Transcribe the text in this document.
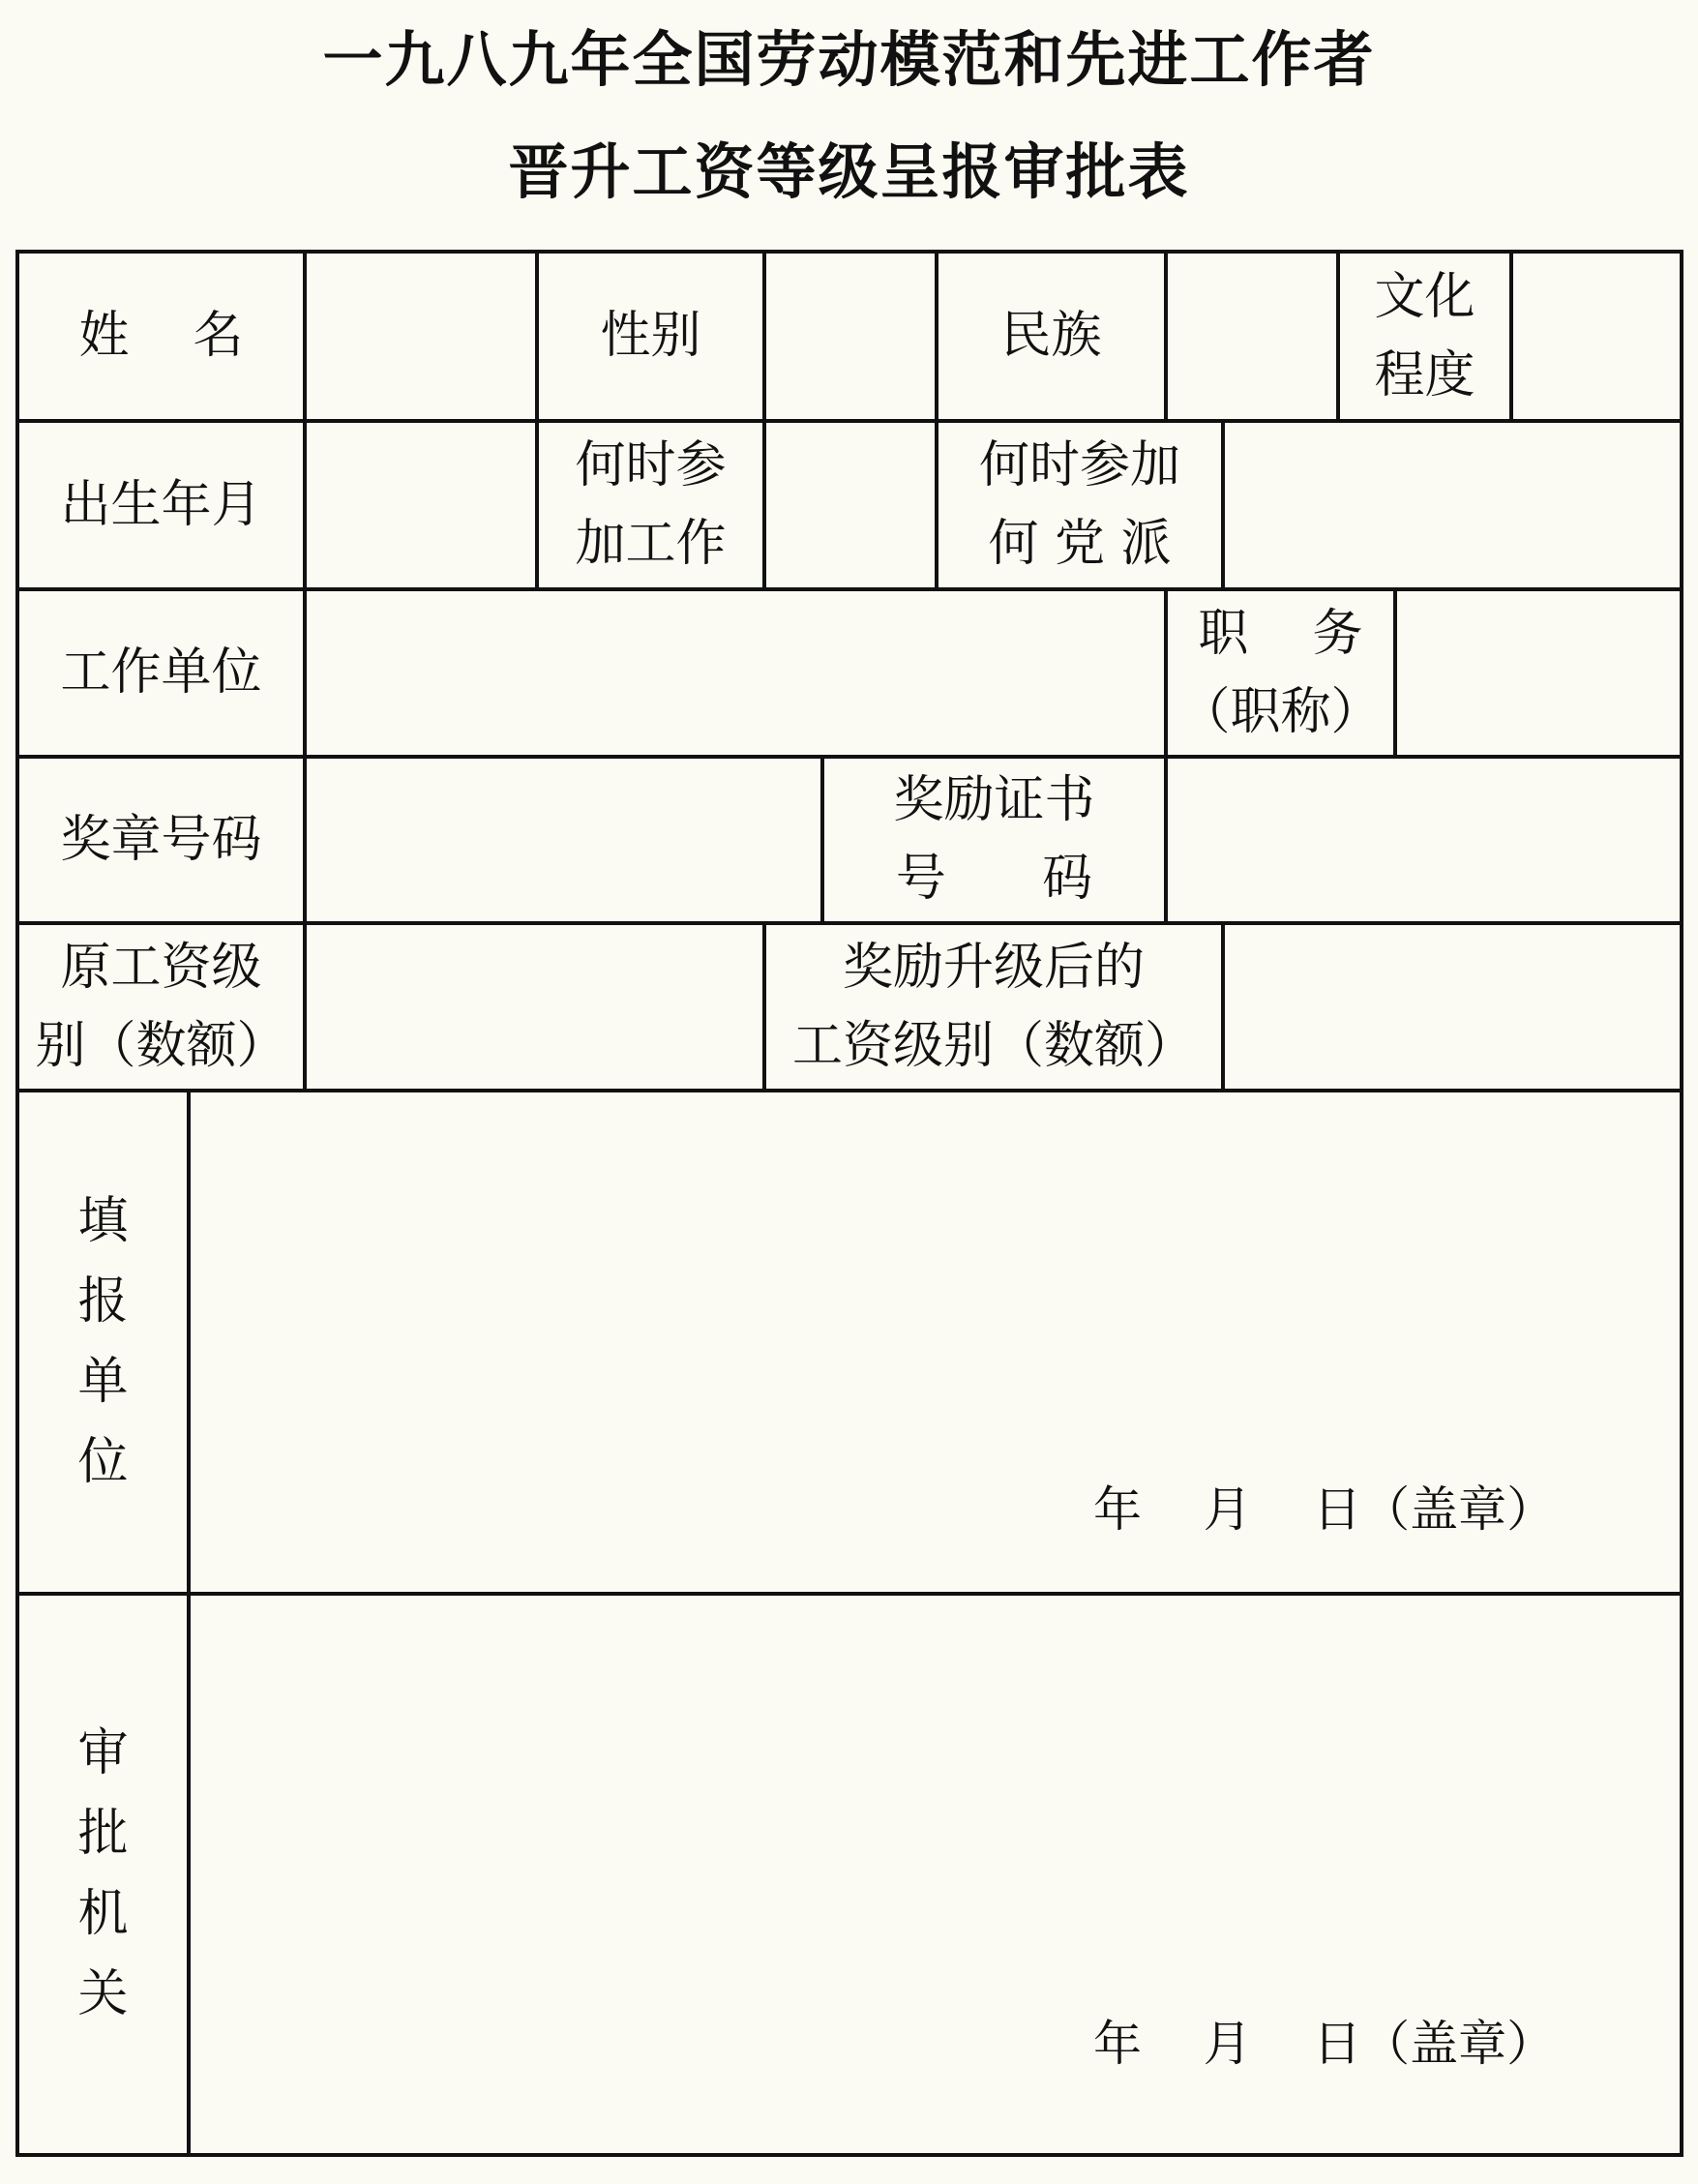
一九八九年全国劳动模范和先进工作者
晋升工资等级呈报审批表
姓    名	性别	民族
文化
程度
出生年月
何时参
加工作
何时参加
何 党 派
工作单位
职    务
（职称）
奖章号码
奖励证书
号      码
原工资级
别（数额）
奖励升级后的
工资级别（数额）
填
报
单
位
年    月    日（盖章）
审
批
机
关
年    月    日（盖章）
